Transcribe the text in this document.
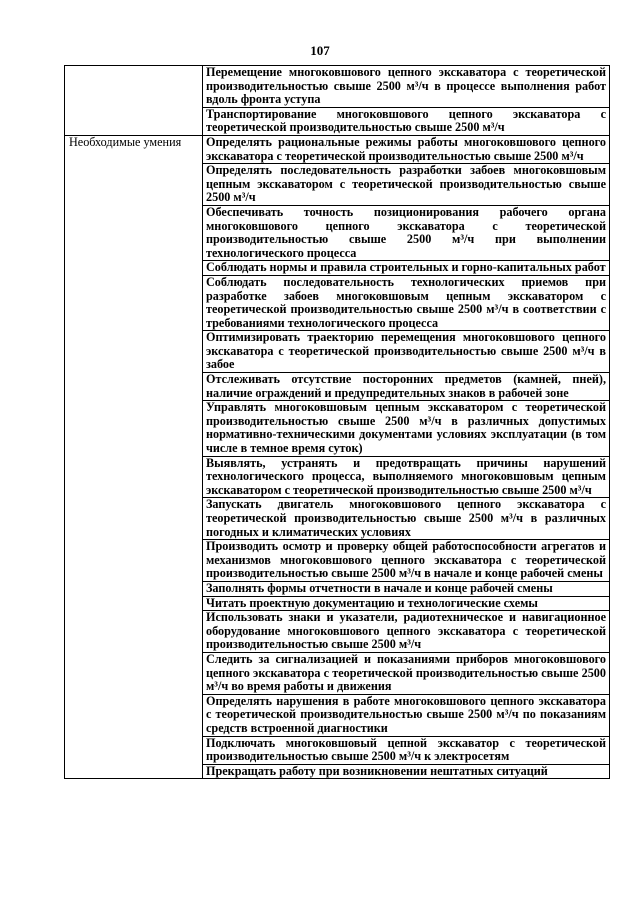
107
	Перемещение многоковшового цепного экскаватора с теоретической производительностью свыше 2500 м³/ч в процессе выполнения работ вдоль фронта уступа
	Транспортирование многоковшового цепного экскаватора с теоретической производительностью свыше 2500 м³/ч
Необходимые умения	Определять рациональные режимы работы многоковшового цепного экскаватора с теоретической производительностью свыше 2500 м³/ч
	Определять последовательность разработки забоев многоковшовым цепным экскаватором с теоретической производительностью свыше 2500 м³/ч
	Обеспечивать точность позиционирования рабочего органа многоковшового цепного экскаватора с теоретической производительностью свыше 2500 м³/ч при выполнении технологического процесса
	Соблюдать нормы и правила строительных и горно-капитальных работ
	Соблюдать последовательность технологических приемов при разработке забоев многоковшовым цепным экскаватором с теоретической производительностью свыше 2500 м³/ч в соответствии с требованиями технологического процесса
	Оптимизировать траекторию перемещения многоковшового цепного экскаватора с теоретической производительностью свыше 2500 м³/ч в забое
	Отслеживать отсутствие посторонних предметов (камней, пней), наличие ограждений и предупредительных знаков в рабочей зоне
	Управлять многоковшовым цепным экскаватором с теоретической производительностью свыше 2500 м³/ч в различных допустимых нормативно-техническими документами условиях эксплуатации (в том числе в темное время суток)
	Выявлять, устранять и предотвращать причины нарушений технологического процесса, выполняемого многоковшовым цепным экскаватором с теоретической производительностью свыше 2500 м³/ч
	Запускать двигатель многоковшового цепного экскаватора с теоретической производительностью свыше 2500 м³/ч в различных погодных и климатических условиях
	Производить осмотр и проверку общей работоспособности агрегатов и механизмов многоковшового цепного экскаватора с теоретической производительностью свыше 2500 м³/ч в начале и конце рабочей смены
	Заполнять формы отчетности в начале и конце рабочей смены
	Читать проектную документацию и технологические схемы
	Использовать знаки и указатели, радиотехническое и навигационное оборудование многоковшового цепного экскаватора с теоретической производительностью свыше 2500 м³/ч
	Следить за сигнализацией и показаниями приборов многоковшового цепного экскаватора с теоретической производительностью свыше 2500 м³/ч во время работы и движения
	Определять нарушения в работе многоковшового цепного экскаватора с теоретической производительностью свыше 2500 м³/ч по показаниям средств встроенной диагностики
	Подключать многоковшовый цепной экскаватор с теоретической производительностью свыше 2500 м³/ч к электросетям
	Прекращать работу при возникновении нештатных ситуаций
